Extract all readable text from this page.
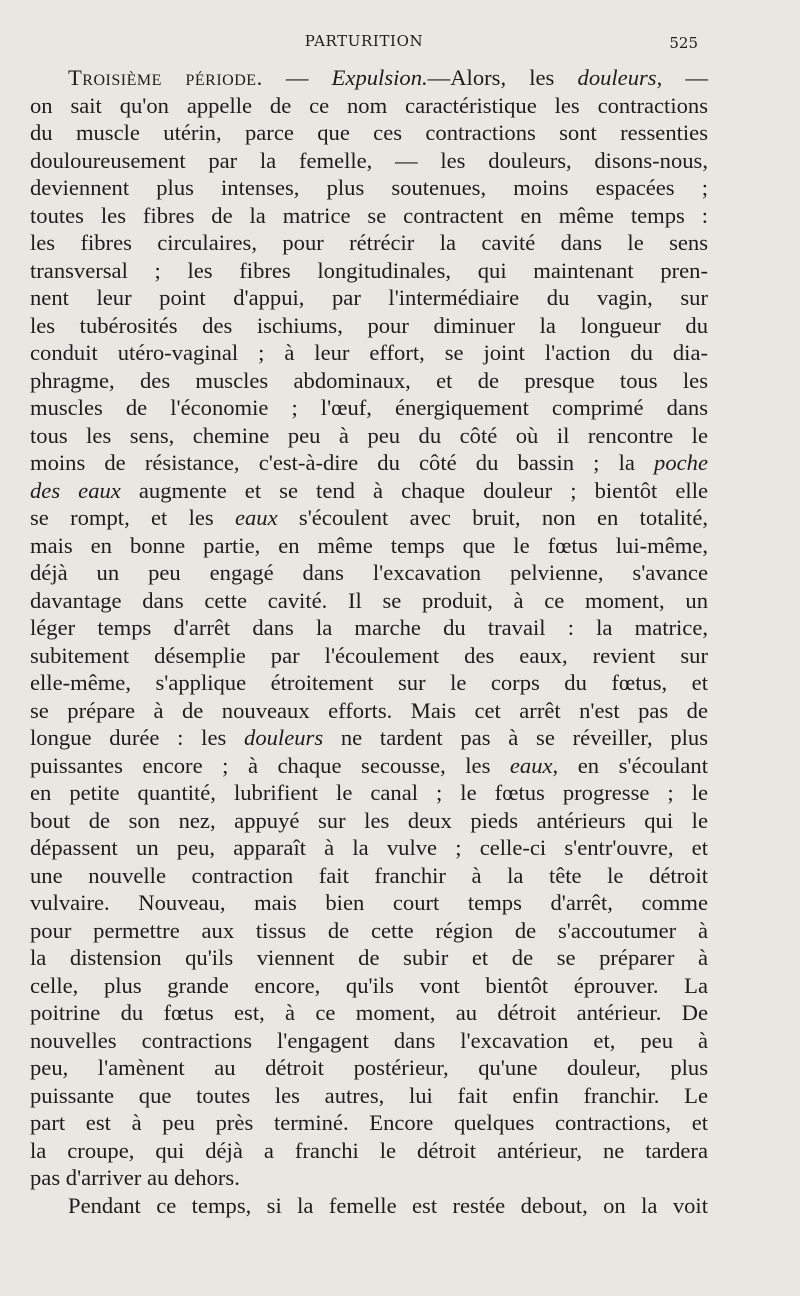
PARTURITION	525

Troisième période. — Expulsion.—Alors, les douleurs, —

on sait qu'on appelle de ce nom caractéristique les contractions

du muscle utérin, parce que ces contractions sont ressenties

douloureusement par la femelle, — les douleurs, disons-nous,

deviennent plus intenses, plus soutenues, moins espacées ;

toutes les fibres de la matrice se contractent en même temps :

les fibres circulaires, pour rétrécir la cavité dans le sens

transversal ; les fibres longitudinales, qui maintenant pren-

nent leur point d'appui, par l'intermédiaire du vagin, sur

les tubérosités des ischiums, pour diminuer la longueur du

conduit utéro-vaginal ; à leur effort, se joint l'action du dia-

phragme, des muscles abdominaux, et de presque tous les

muscles de l'économie ; l'œuf, énergiquement comprimé dans

tous les sens, chemine peu à peu du côté où il rencontre le

moins de résistance, c'est-à-dire du côté du bassin ; la poche

des eaux augmente et se tend à chaque douleur ; bientôt elle

se rompt, et les eaux s'écoulent avec bruit, non en totalité,

mais en bonne partie, en même temps que le fœtus lui-même,

déjà un peu engagé dans l'excavation pelvienne, s'avance

davantage dans cette cavité. Il se produit, à ce moment, un

léger temps d'arrêt dans la marche du travail : la matrice,

subitement désemplie par l'écoulement des eaux, revient sur

elle-même, s'applique étroitement sur le corps du fœtus, et

se prépare à de nouveaux efforts. Mais cet arrêt n'est pas de

longue durée : les douleurs ne tardent pas à se réveiller, plus

puissantes encore ; à chaque secousse, les eaux, en s'écoulant

en petite quantité, lubrifient le canal ; le fœtus progresse ; le

bout de son nez, appuyé sur les deux pieds antérieurs qui le

dépassent un peu, apparaît à la vulve ; celle-ci s'entr'ouvre, et

une nouvelle contraction fait franchir à la tête le détroit

vulvaire. Nouveau, mais bien court temps d'arrêt, comme

pour permettre aux tissus de cette région de s'accoutumer à

la distension qu'ils viennent de subir et de se préparer à

celle, plus grande encore, qu'ils vont bientôt éprouver. La

poitrine du fœtus est, à ce moment, au détroit antérieur. De

nouvelles contractions l'engagent dans l'excavation et, peu à

peu, l'amènent au détroit postérieur, qu'une douleur, plus

puissante que toutes les autres, lui fait enfin franchir. Le

part est à peu près terminé. Encore quelques contractions, et

la croupe, qui déjà a franchi le détroit antérieur, ne tardera

pas d'arriver au dehors.

Pendant ce temps, si la femelle est restée debout, on la voit
